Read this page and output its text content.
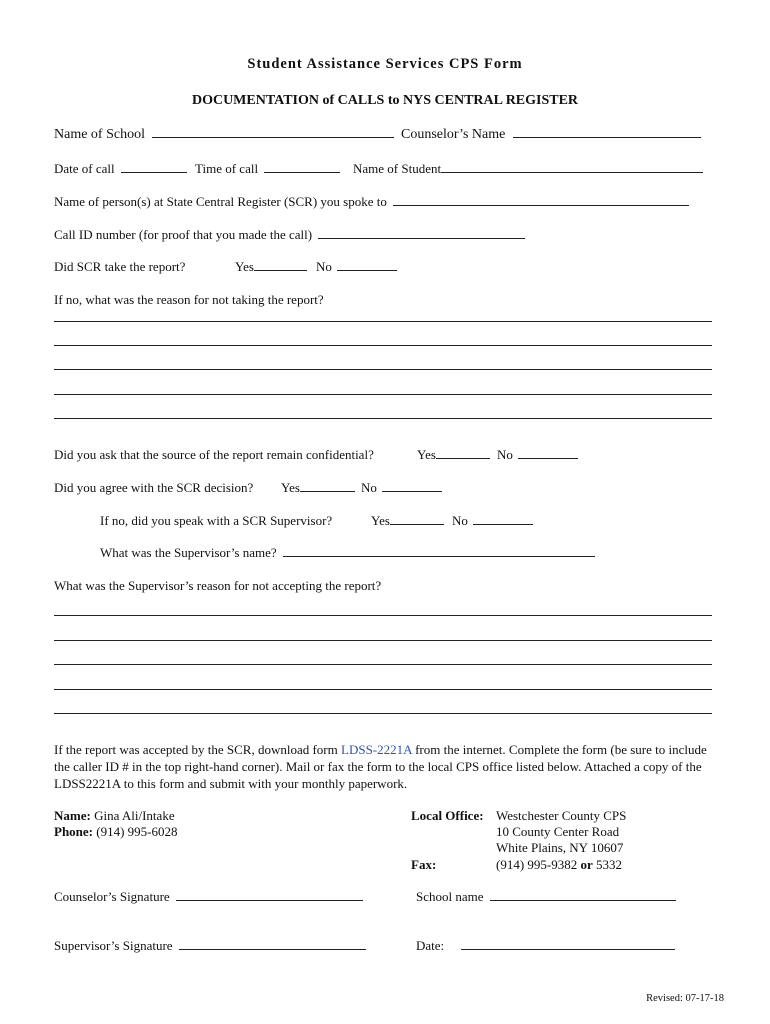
Student Assistance Services CPS Form
DOCUMENTATION of CALLS to NYS CENTRAL REGISTER
Name of School	Counselor’s Name
Date of call	Time of call	Name of Student
Name of person(s) at State Central Register (SCR) you spoke to
Call ID number (for proof that you made the call)
Did SCR take the report?	Yes	No
If no, what was the reason for not taking the report?
Did you ask that the source of the report remain confidential?	Yes	No
Did you agree with the SCR decision? Yes	No
If no, did you speak with a SCR Supervisor?	Yes	No
What was the Supervisor’s name?
What was the Supervisor’s reason for not accepting the report?
If the report was accepted by the SCR, download form LDSS-2221A from the internet. Complete the form (be sure to include the caller ID # in the top right-hand corner). Mail or fax the form to the local CPS office listed below. Attached a copy of the LDSS2221A to this form and submit with your monthly paperwork.
Name: Gina Ali/Intake
Phone: (914) 995-6028
Local Office: Westchester County CPS
10 County Center Road
White Plains, NY 10607
Fax:	(914) 995-9382 or 5332
Counselor’s Signature	School name
Supervisor’s Signature	Date:
Revised: 07-17-18
